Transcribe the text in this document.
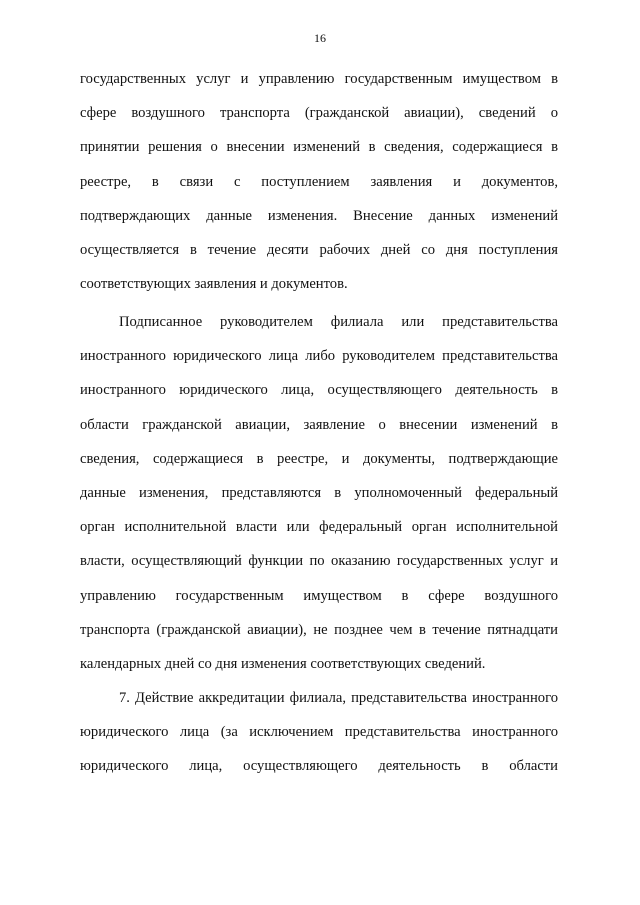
16
государственных услуг и управлению государственным имуществом в
сфере воздушного транспорта (гражданской авиации), сведений о
принятии решения о внесении изменений в сведения, содержащиеся в
реестре, в связи с поступлением заявления и документов,
подтверждающих данные изменения. Внесение данных изменений
осуществляется в течение десяти рабочих дней со дня поступления
соответствующих заявления и документов.
Подписанное руководителем филиала или представительства
иностранного юридического лица либо руководителем представительства
иностранного юридического лица, осуществляющего деятельность в
области гражданской авиации, заявление о внесении изменений в
сведения, содержащиеся в реестре, и документы, подтверждающие
данные изменения, представляются в уполномоченный федеральный
орган исполнительной власти или федеральный орган исполнительной
власти, осуществляющий функции по оказанию государственных услуг и
управлению государственным имуществом в сфере воздушного
транспорта (гражданской авиации), не позднее чем в течение пятнадцати
календарных дней со дня изменения соответствующих сведений.
7. Действие аккредитации филиала, представительства иностранного
юридического лица (за исключением представительства иностранного
юридического лица, осуществляющего деятельность в области
